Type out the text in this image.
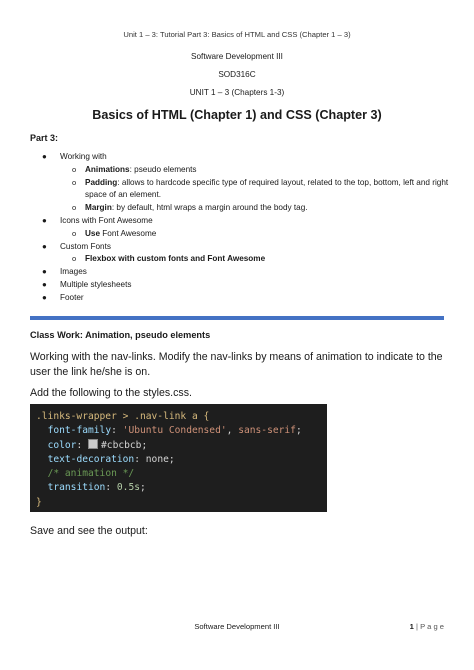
Unit 1 – 3: Tutorial Part 3: Basics of HTML and CSS (Chapter 1 – 3)
Software Development III
SOD316C
UNIT 1 – 3 (Chapters 1-3)
Basics of HTML (Chapter 1) and CSS (Chapter 3)
Part 3:
● Working with
o Animations: pseudo elements
o Padding: allows to hardcode specific type of required layout, related to the top, bottom, left and right space of an element.
o Margin: by default, html wraps a margin around the body tag.
● Icons with Font Awesome
o Use Font Awesome
● Custom Fonts
o Flexbox with custom fonts and Font Awesome
● Images
● Multiple stylesheets
● Footer
Class Work: Animation, pseudo elements
Working with the nav-links. Modify the nav-links by means of animation to indicate to the user the link he/she is on.
Add the following to the styles.css.
.links-wrapper > .nav-link a {
font-family: 'Ubuntu Condensed', sans-serif;
color: #cbcbcb;
text-decoration: none;
/* animation */
transition: 0.5s;
}
Save and see the output:
Software Development III	1 | P a g e
